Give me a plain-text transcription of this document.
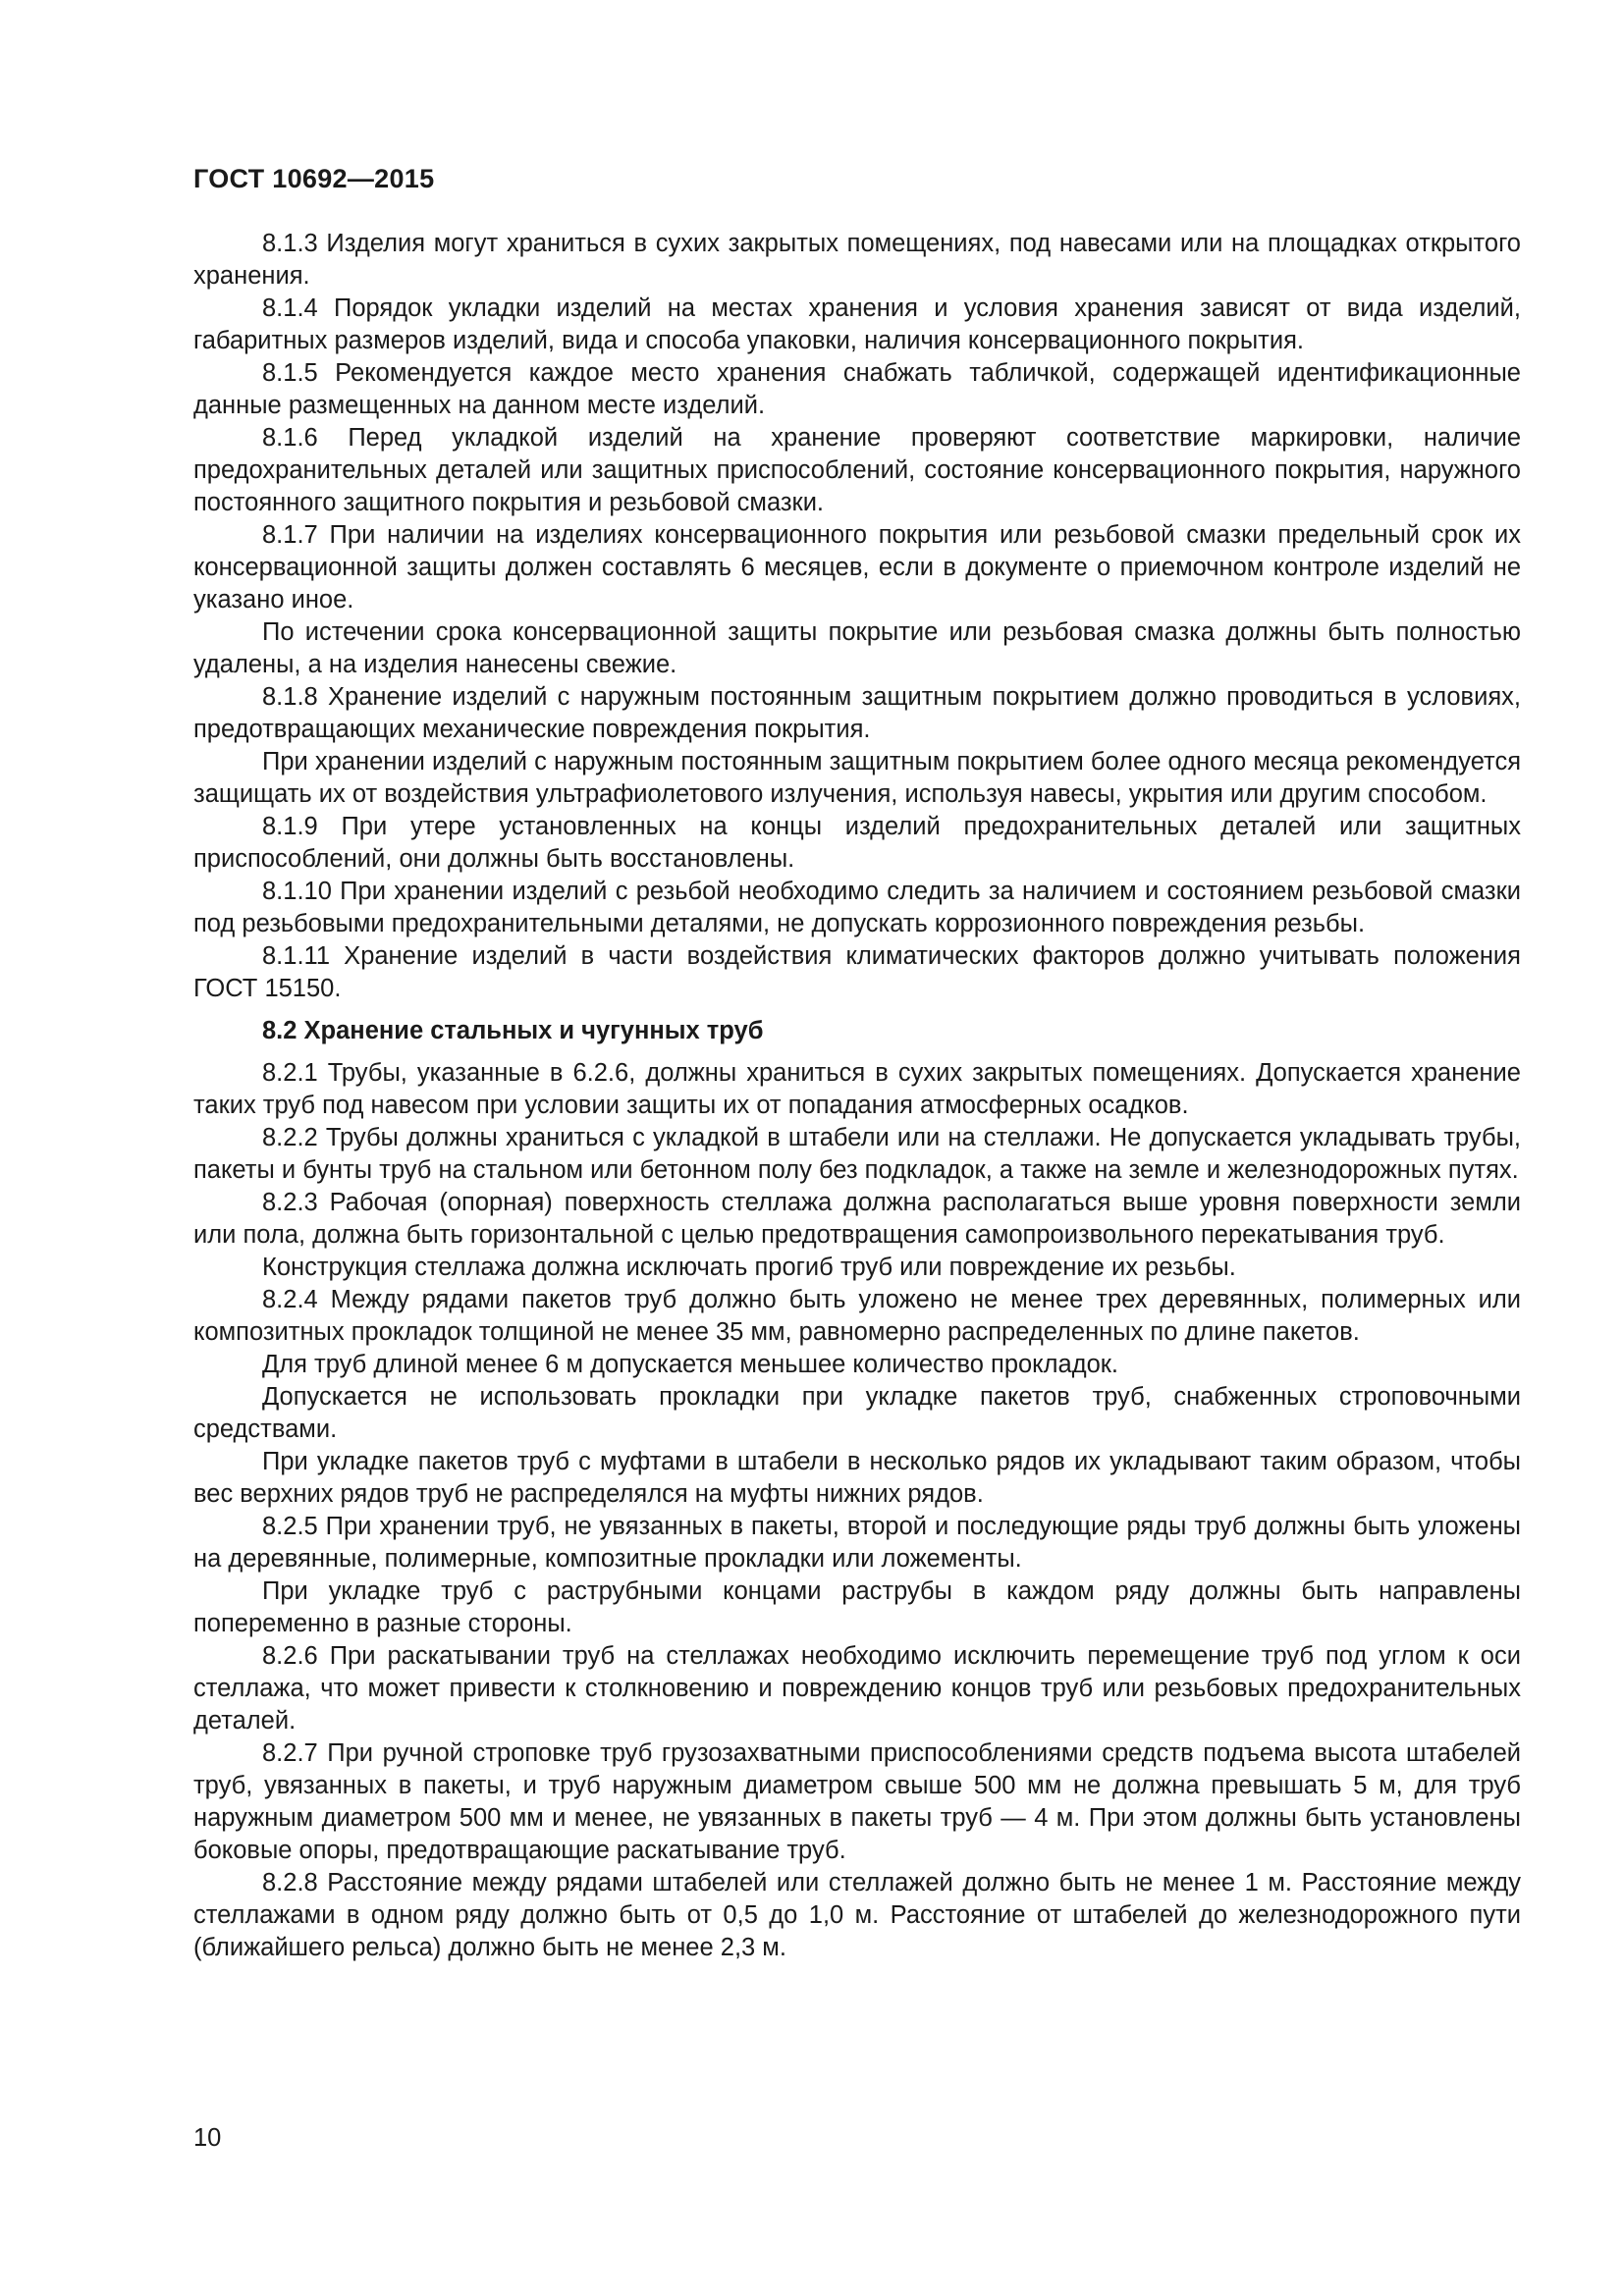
ГОСТ 10692—2015

8.1.3 Изделия могут храниться в сухих закрытых помещениях, под навесами или на площадках открытого хранения.

8.1.4 Порядок укладки изделий на местах хранения и условия хранения зависят от вида изделий, габаритных размеров изделий, вида и способа упаковки, наличия консервационного покрытия.

8.1.5 Рекомендуется каждое место хранения снабжать табличкой, содержащей идентификационные данные размещенных на данном месте изделий.

8.1.6 Перед укладкой изделий на хранение проверяют соответствие маркировки, наличие предохранительных деталей или защитных приспособлений, состояние консервационного покрытия, наружного постоянного защитного покрытия и резьбовой смазки.

8.1.7 При наличии на изделиях консервационного покрытия или резьбовой смазки предельный срок их консервационной защиты должен составлять 6 месяцев, если в документе о приемочном контроле изделий не указано иное.

По истечении срока консервационной защиты покрытие или резьбовая смазка должны быть полностью удалены, а на изделия нанесены свежие.

8.1.8 Хранение изделий с наружным постоянным защитным покрытием должно проводиться в условиях, предотвращающих механические повреждения покрытия.

При хранении изделий с наружным постоянным защитным покрытием более одного месяца рекомендуется защищать их от воздействия ультрафиолетового излучения, используя навесы, укрытия или другим способом.

8.1.9 При утере установленных на концы изделий предохранительных деталей или защитных приспособлений, они должны быть восстановлены.

8.1.10 При хранении изделий с резьбой необходимо следить за наличием и состоянием резьбовой смазки под резьбовыми предохранительными деталями, не допускать коррозионного повреждения резьбы.

8.1.11 Хранение изделий в части воздействия климатических факторов должно учитывать положения ГОСТ 15150.

8.2 Хранение стальных и чугунных труб

8.2.1 Трубы, указанные в 6.2.6, должны храниться в сухих закрытых помещениях. Допускается хранение таких труб под навесом при условии защиты их от попадания атмосферных осадков.

8.2.2 Трубы должны храниться с укладкой в штабели или на стеллажи. Не допускается укладывать трубы, пакеты и бунты труб на стальном или бетонном полу без подкладок, а также на земле и железнодорожных путях.

8.2.3 Рабочая (опорная) поверхность стеллажа должна располагаться выше уровня поверхности земли или пола, должна быть горизонтальной с целью предотвращения самопроизвольного перекатывания труб.

Конструкция стеллажа должна исключать прогиб труб или повреждение их резьбы.

8.2.4 Между рядами пакетов труб должно быть уложено не менее трех деревянных, полимерных или композитных прокладок толщиной не менее 35 мм, равномерно распределенных по длине пакетов.

Для труб длиной менее 6 м допускается меньшее количество прокладок.

Допускается не использовать прокладки при укладке пакетов труб, снабженных строповочными средствами.

При укладке пакетов труб с муфтами в штабели в несколько рядов их укладывают таким образом, чтобы вес верхних рядов труб не распределялся на муфты нижних рядов.

8.2.5 При хранении труб, не увязанных в пакеты, второй и последующие ряды труб должны быть уложены на деревянные, полимерные, композитные прокладки или ложементы.

При укладке труб с раструбными концами раструбы в каждом ряду должны быть направлены попеременно в разные стороны.

8.2.6 При раскатывании труб на стеллажах необходимо исключить перемещение труб под углом к оси стеллажа, что может привести к столкновению и повреждению концов труб или резьбовых предохранительных деталей.

8.2.7 При ручной строповке труб грузозахватными приспособлениями средств подъема высота штабелей труб, увязанных в пакеты, и труб наружным диаметром свыше 500 мм не должна превышать 5 м, для труб наружным диаметром 500 мм и менее, не увязанных в пакеты труб — 4 м. При этом должны быть установлены боковые опоры, предотвращающие раскатывание труб.

8.2.8 Расстояние между рядами штабелей или стеллажей должно быть не менее 1 м. Расстояние между стеллажами в одном ряду должно быть от 0,5 до 1,0 м. Расстояние от штабелей до железнодорожного пути (ближайшего рельса) должно быть не менее 2,3 м.

10
